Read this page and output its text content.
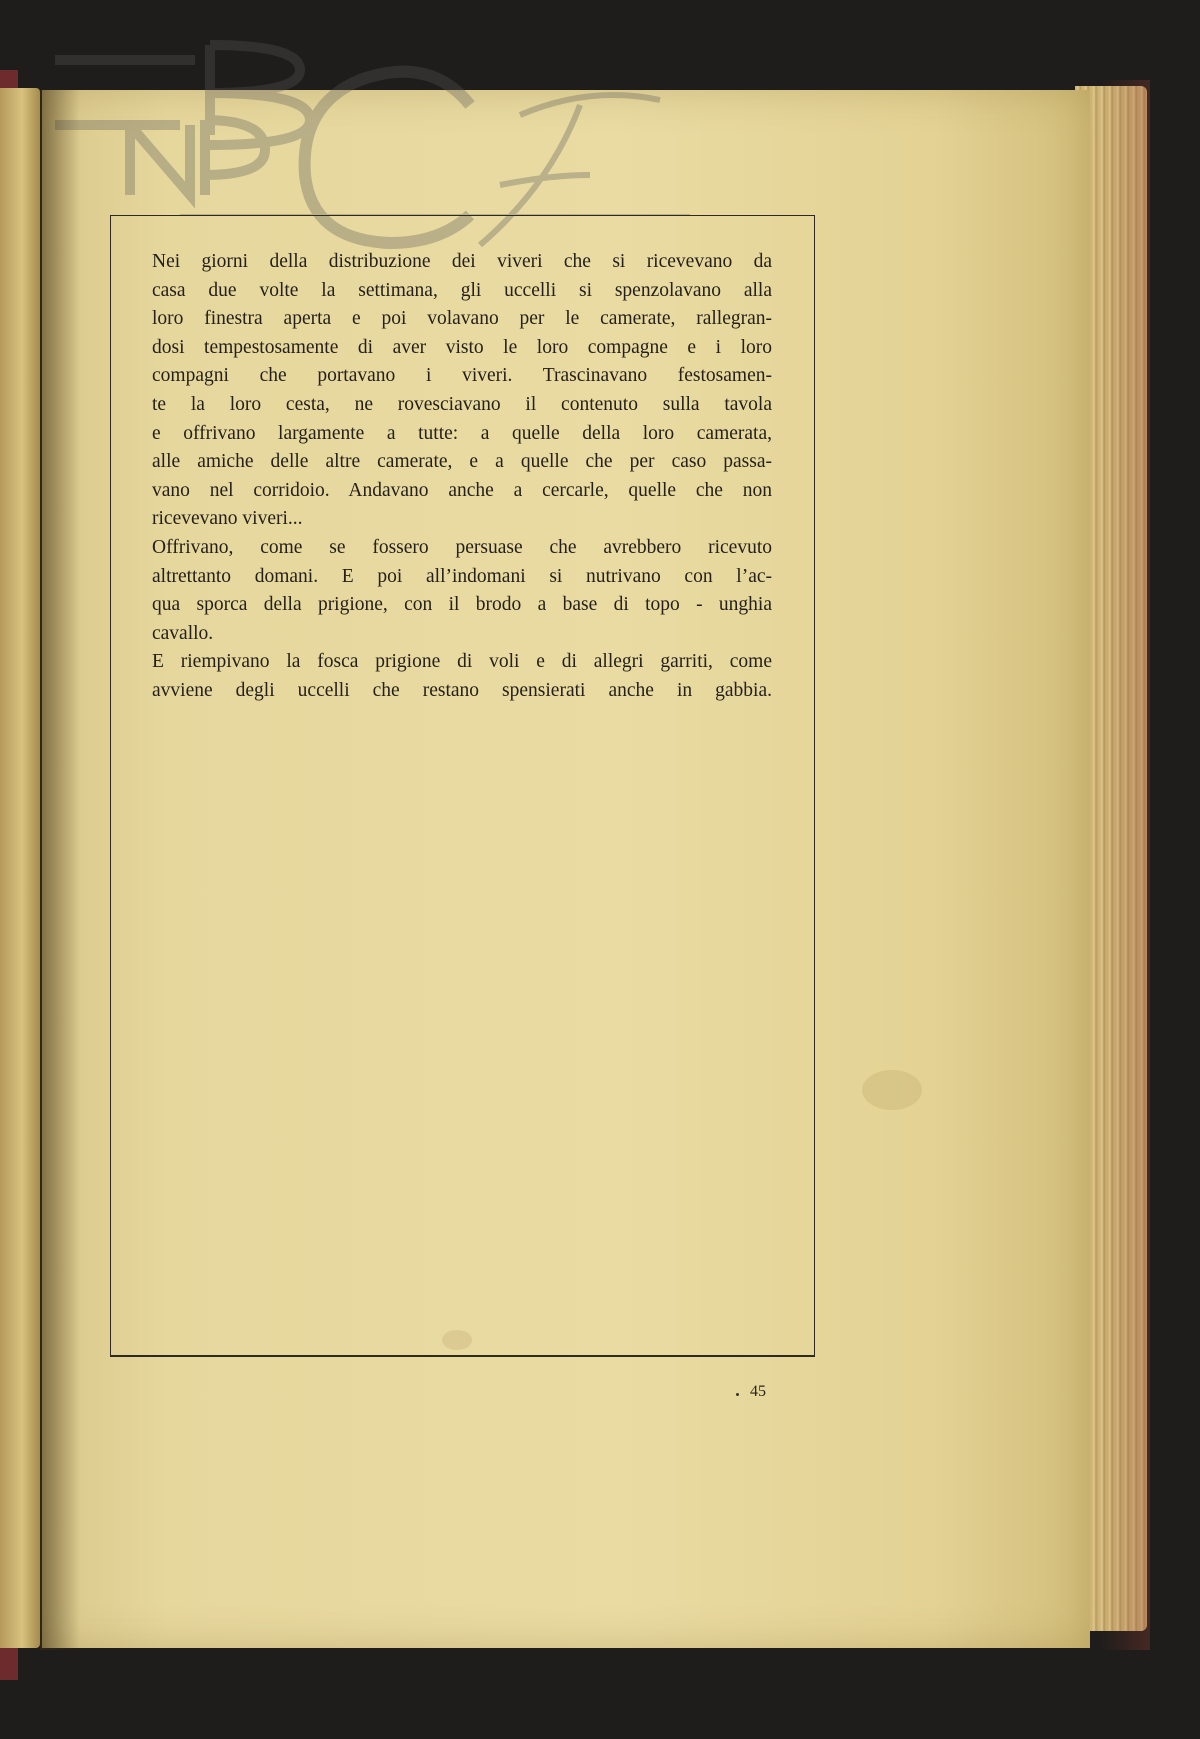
Nei giorni della distribuzione dei viveri che si ricevevano da
casa due volte la settimana, gli uccelli si spenzolavano alla
loro finestra aperta e poi volavano per le camerate, rallegran-
dosi tempestosamente di aver visto le loro compagne e i loro
compagni che portavano i viveri. Trascinavano festosamen-
te la loro cesta, ne rovesciavano il contenuto sulla tavola
e offrivano largamente a tutte: a quelle della loro camerata,
alle amiche delle altre camerate, e a quelle che per caso passa-
vano nel corridoio. Andavano anche a cercarle, quelle che non
ricevevano viveri...
Offrivano, come se fossero persuase che avrebbero ricevuto
altrettanto domani. E poi all’indomani si nutrivano con l’ac-
qua sporca della prigione, con il brodo a base di topo - unghia
cavallo.
E riempivano la fosca prigione di voli e di allegri garriti, come
avviene degli uccelli che restano spensierati anche in gabbia.
45
